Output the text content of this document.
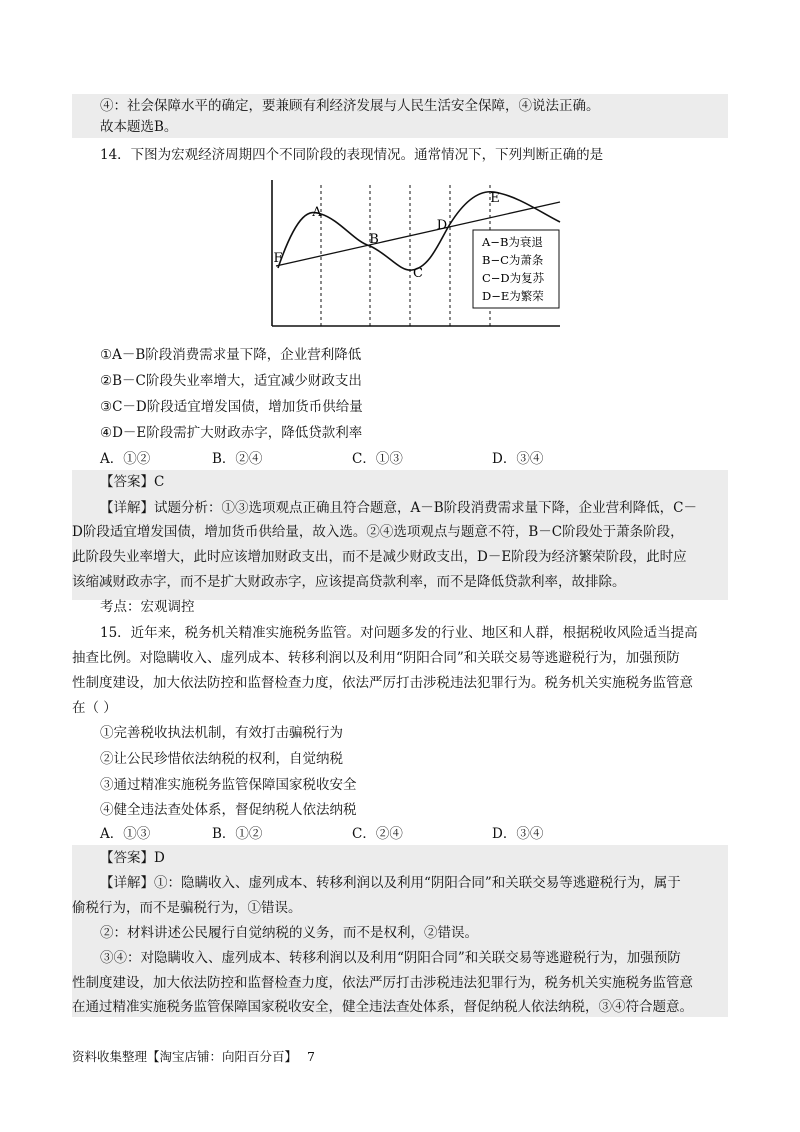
④：社会保障水平的确定，要兼顾有利经济发展与人民生活安全保障，④说法正确。
故本题选B。
14．下图为宏观经济周期四个不同阶段的表现情况。通常情况下，下列判断正确的是
F
A
B
C
D
E
A−B为衰退
B−C为萧条
C−D为复苏
D−E为繁荣
①A－B阶段消费需求量下降，企业营利降低
②B－C阶段失业率增大，适宜减少财政支出
③C－D阶段适宜增发国债，增加货币供给量
④D－E阶段需扩大财政赤字，降低贷款利率
A．①②	B．②④	C．①③	D．③④
【答案】C
【详解】试题分析：①③选项观点正确且符合题意，A－B阶段消费需求量下降，企业营利降低，C－
D阶段适宜增发国债，增加货币供给量，故入选。②④选项观点与题意不符，B－C阶段处于萧条阶段，
此阶段失业率增大，此时应该增加财政支出，而不是减少财政支出，D－E阶段为经济繁荣阶段，此时应
该缩减财政赤字，而不是扩大财政赤字，应该提高贷款利率，而不是降低贷款利率，故排除。
考点：宏观调控
15．近年来，税务机关精准实施税务监管。对问题多发的行业、地区和人群，根据税收风险适当提高
抽查比例。对隐瞒收入、虚列成本、转移利润以及利用“阴阳合同”和关联交易等逃避税行为，加强预防
性制度建设，加大依法防控和监督检查力度，依法严厉打击涉税违法犯罪行为。税务机关实施税务监管意
在（ ）
①完善税收执法机制，有效打击骗税行为
②让公民珍惜依法纳税的权利，自觉纳税
③通过精准实施税务监管保障国家税收安全
④健全违法查处体系，督促纳税人依法纳税
A．①③	B．①②	C．②④	D．③④
【答案】D
【详解】①：隐瞒收入、虚列成本、转移利润以及利用“阴阳合同”和关联交易等逃避税行为，属于
偷税行为，而不是骗税行为，①错误。
②：材料讲述公民履行自觉纳税的义务，而不是权利，②错误。
③④：对隐瞒收入、虚列成本、转移利润以及利用“阴阳合同”和关联交易等逃避税行为，加强预防
性制度建设，加大依法防控和监督检查力度，依法严厉打击涉税违法犯罪行为，税务机关实施税务监管意
在通过精准实施税务监管保障国家税收安全，健全违法查处体系，督促纳税人依法纳税，③④符合题意。
资料收集整理【淘宝店铺：向阳百分百】 7
